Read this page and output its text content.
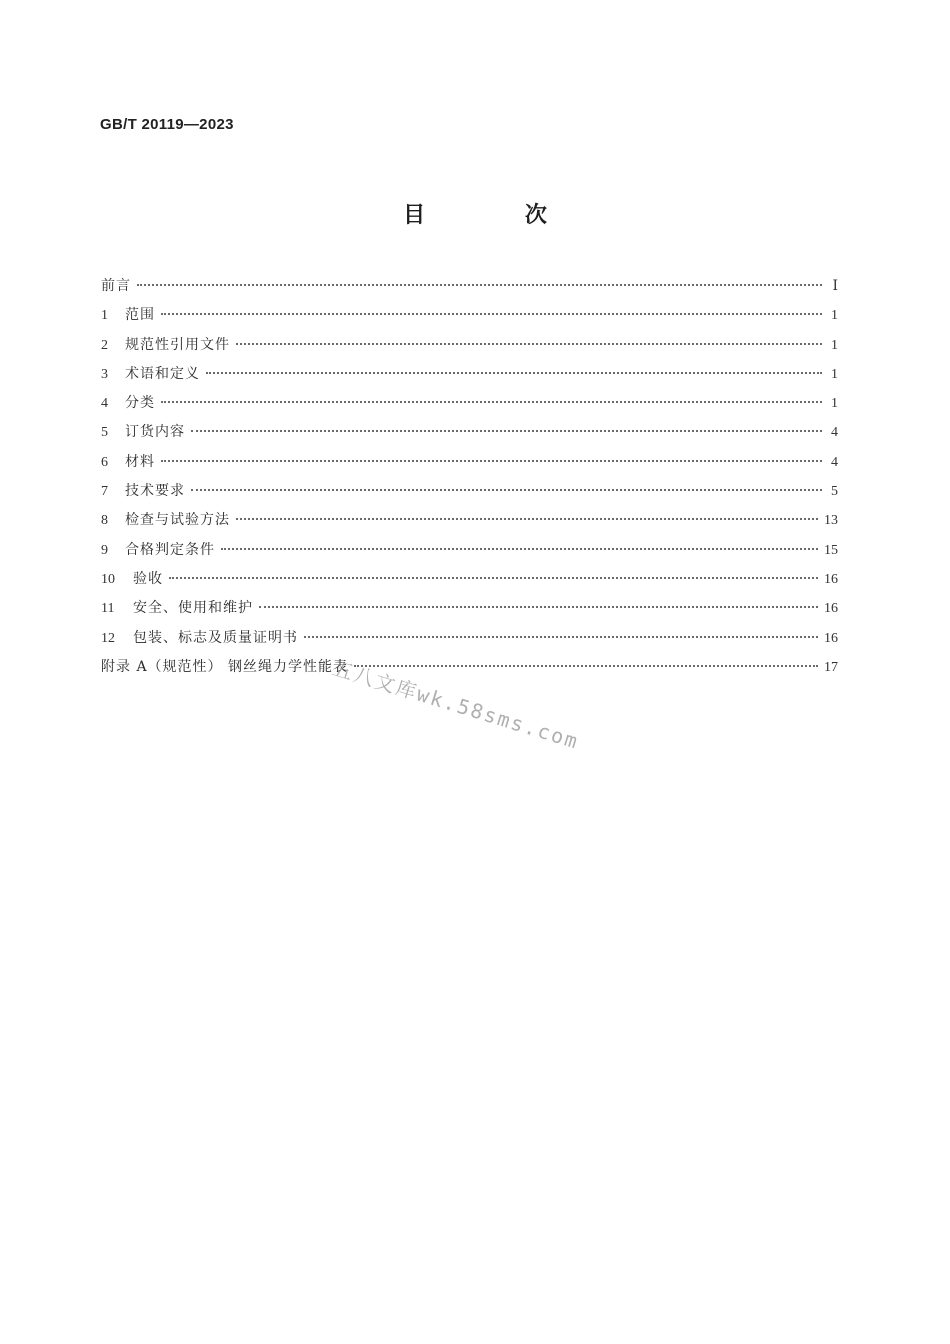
GB/T 20119—2023
目 次
前言	Ⅰ
1	范围	1
2	规范性引用文件	1
3	术语和定义	1
4	分类	1
5	订货内容	4
6	材料	4
7	技术要求	5
8	检查与试验方法	13
9	合格判定条件	15
10	验收	16
11	安全、使用和维护	16
12	包装、标志及质量证明书	16
附录 A（规范性） 钢丝绳力学性能表	17
五八文库wk.58sms.com
